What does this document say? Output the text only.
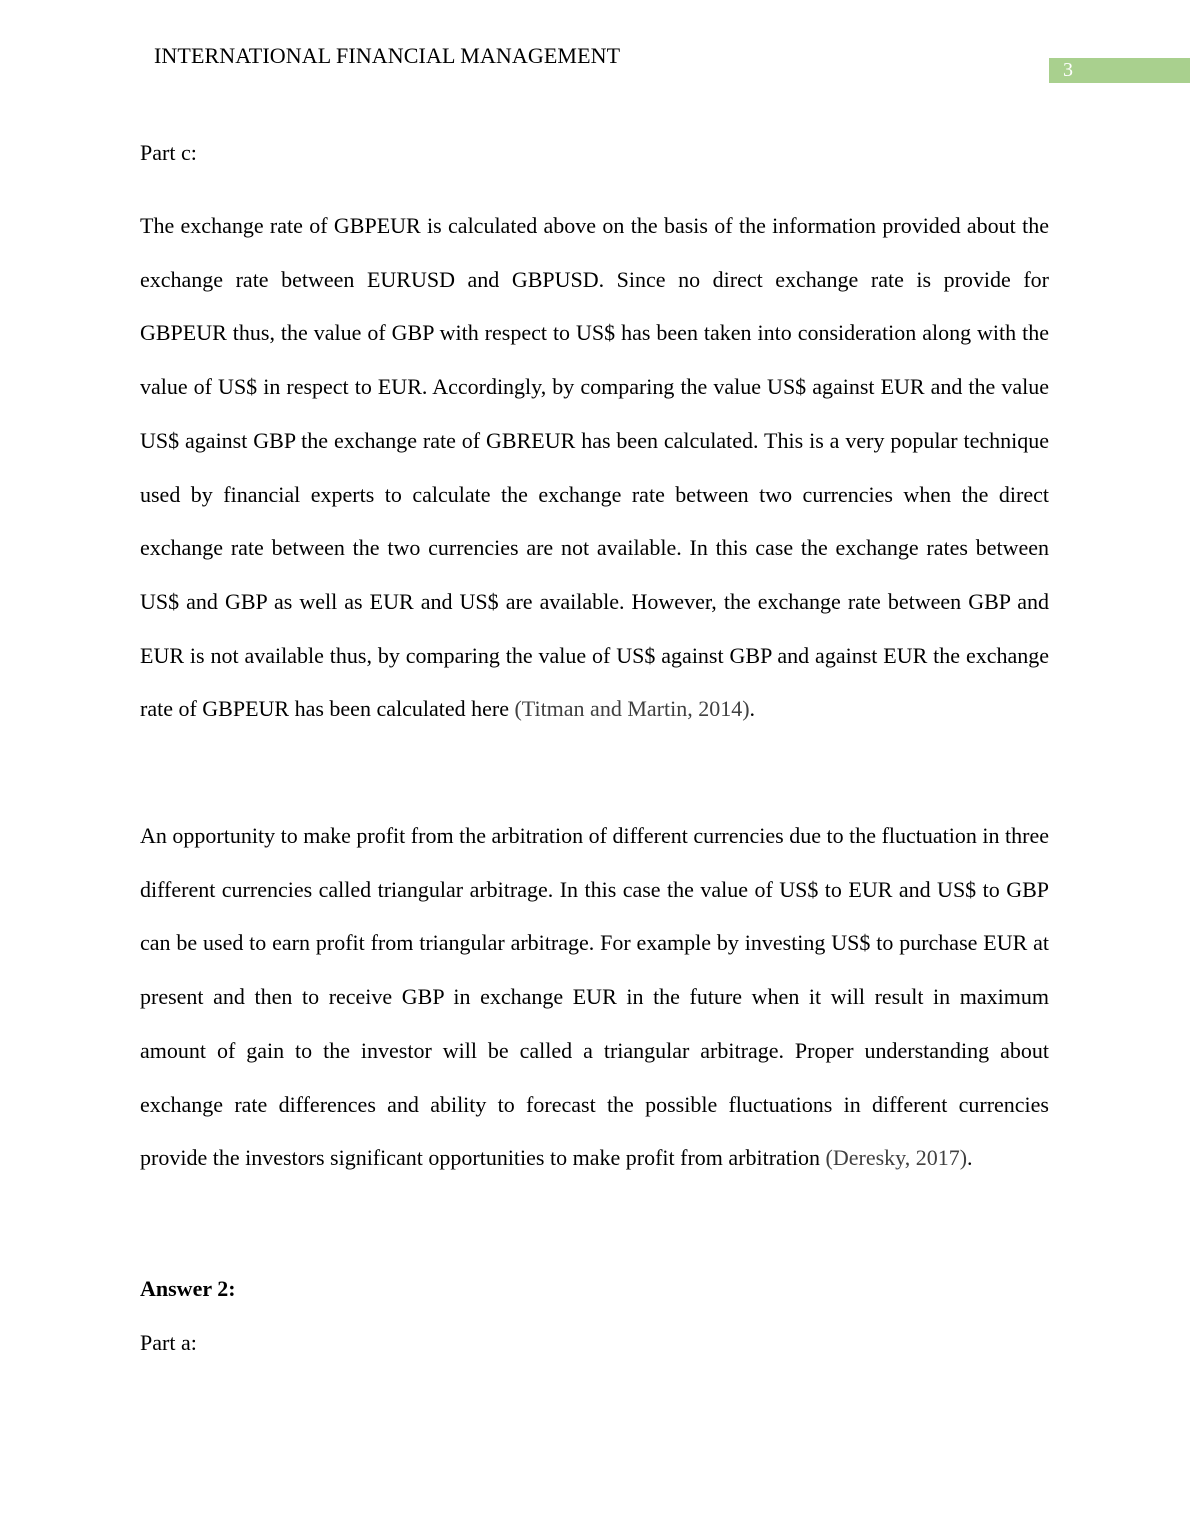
INTERNATIONAL FINANCIAL MANAGEMENT
3
Part c:

The exchange rate of GBPEUR is calculated above on the basis of the information provided about the exchange rate between EURUSD and GBPUSD. Since no direct exchange rate is provide for GBPEUR thus, the value of GBP with respect to US$ has been taken into consideration along with the value of US$ in respect to EUR. Accordingly, by comparing the value US$ against EUR and the value US$ against GBP the exchange rate of GBREUR has been calculated. This is a very popular technique used by financial experts to calculate the exchange rate between two currencies when the direct exchange rate between the two currencies are not available. In this case the exchange rates between US$ and GBP as well as EUR and US$ are available. However, the exchange rate between GBP and EUR is not available thus, by comparing the value of US$ against GBP and against EUR the exchange rate of GBPEUR has been calculated here (Titman and Martin, 2014).

An opportunity to make profit from the arbitration of different currencies due to the fluctuation in three different currencies called triangular arbitrage. In this case the value of US$ to EUR and US$ to GBP can be used to earn profit from triangular arbitrage. For example by investing US$ to purchase EUR at present and then to receive GBP in exchange EUR in the future when it will result in maximum amount of gain to the investor will be called a triangular arbitrage. Proper understanding about exchange rate differences and ability to forecast the possible fluctuations in different currencies provide the investors significant opportunities to make profit from arbitration (Deresky, 2017).

Answer 2:
Part a:
